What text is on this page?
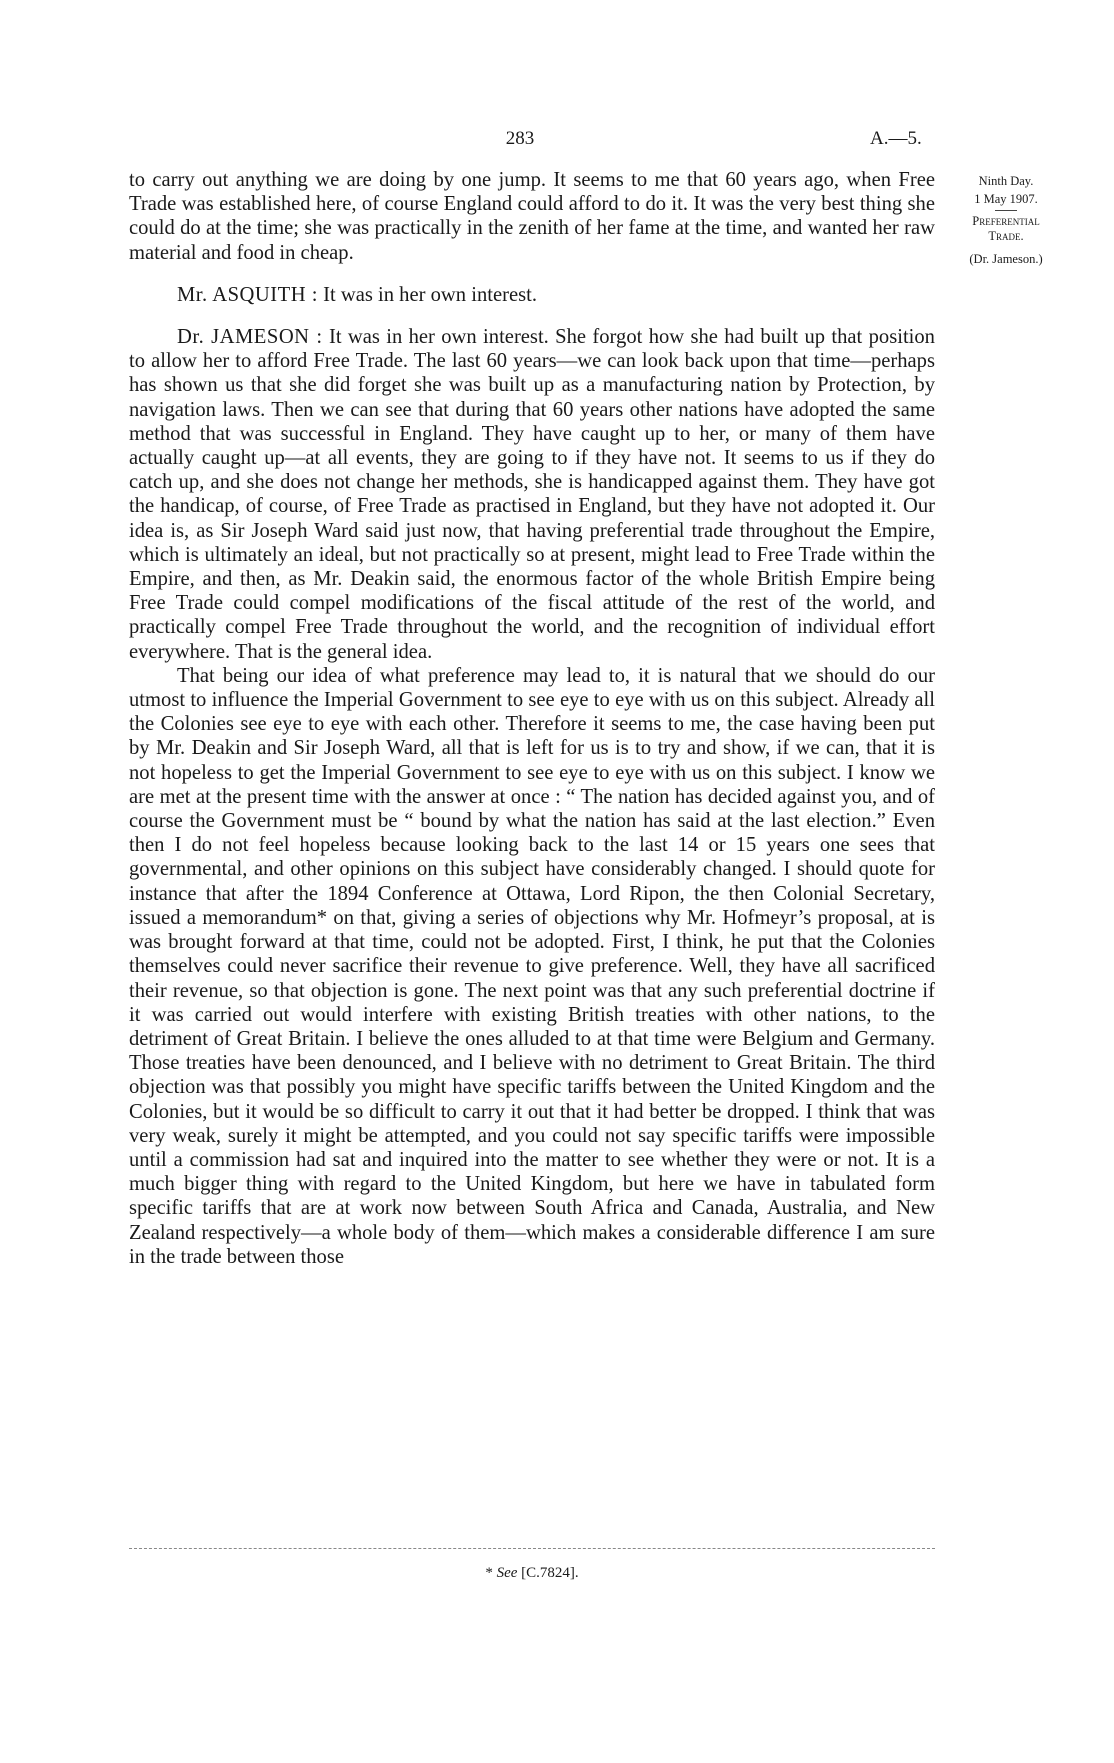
283	A.—5.
Ninth Day.
1 May 1907.
Preferential
Trade.
(Dr. Jameson.)

to carry out anything we are doing by one jump. It seems to me that 60 years ago, when Free Trade was established here, of course England could afford to do it. It was the very best thing she could do at the time; she was practically in the zenith of her fame at the time, and wanted her raw material and food in cheap.

Mr. ASQUITH : It was in her own interest.

Dr. JAMESON : It was in her own interest. She forgot how she had built up that position to allow her to afford Free Trade. The last 60 years—we can look back upon that time—perhaps has shown us that she did forget she was built up as a manufacturing nation by Protection, by navigation laws. Then we can see that during that 60 years other nations have adopted the same method that was successful in England. They have caught up to her, or many of them have actually caught up—at all events, they are going to if they have not. It seems to us if they do catch up, and she does not change her methods, she is handicapped against them. They have got the handicap, of course, of Free Trade as practised in England, but they have not adopted it. Our idea is, as Sir Joseph Ward said just now, that having preferential trade throughout the Empire, which is ultimately an ideal, but not practically so at present, might lead to Free Trade within the Empire, and then, as Mr. Deakin said, the enormous factor of the whole British Empire being Free Trade could compel modifications of the fiscal attitude of the rest of the world, and practically compel Free Trade throughout the world, and the recognition of individual effort everywhere. That is the general idea.

That being our idea of what preference may lead to, it is natural that we should do our utmost to influence the Imperial Government to see eye to eye with us on this subject. Already all the Colonies see eye to eye with each other. Therefore it seems to me, the case having been put by Mr. Deakin and Sir Joseph Ward, all that is left for us is to try and show, if we can, that it is not hopeless to get the Imperial Government to see eye to eye with us on this subject. I know we are met at the present time with the answer at once : “ The nation has decided against you, and of course the Government must be “ bound by what the nation has said at the last election.” Even then I do not feel hopeless because looking back to the last 14 or 15 years one sees that governmental, and other opinions on this subject have considerably changed. I should quote for instance that after the 1894 Conference at Ottawa, Lord Ripon, the then Colonial Secretary, issued a memorandum* on that, giving a series of objections why Mr. Hofmeyr’s proposal, at is was brought forward at that time, could not be adopted. First, I think, he put that the Colonies themselves could never sacrifice their revenue to give preference. Well, they have all sacrificed their revenue, so that objection is gone. The next point was that any such preferential doctrine if it was carried out would interfere with existing British treaties with other nations, to the detriment of Great Britain. I believe the ones alluded to at that time were Belgium and Germany. Those treaties have been denounced, and I believe with no detriment to Great Britain. The third objection was that possibly you might have specific tariffs between the United Kingdom and the Colonies, but it would be so difficult to carry it out that it had better be dropped. I think that was very weak, surely it might be attempted, and you could not say specific tariffs were impossible until a commission had sat and inquired into the matter to see whether they were or not. It is a much bigger thing with regard to the United Kingdom, but here we have in tabulated form specific tariffs that are at work now between South Africa and Canada, Australia, and New Zealand respectively—a whole body of them—which makes a considerable difference I am sure in the trade between those

* See [C.7824].
